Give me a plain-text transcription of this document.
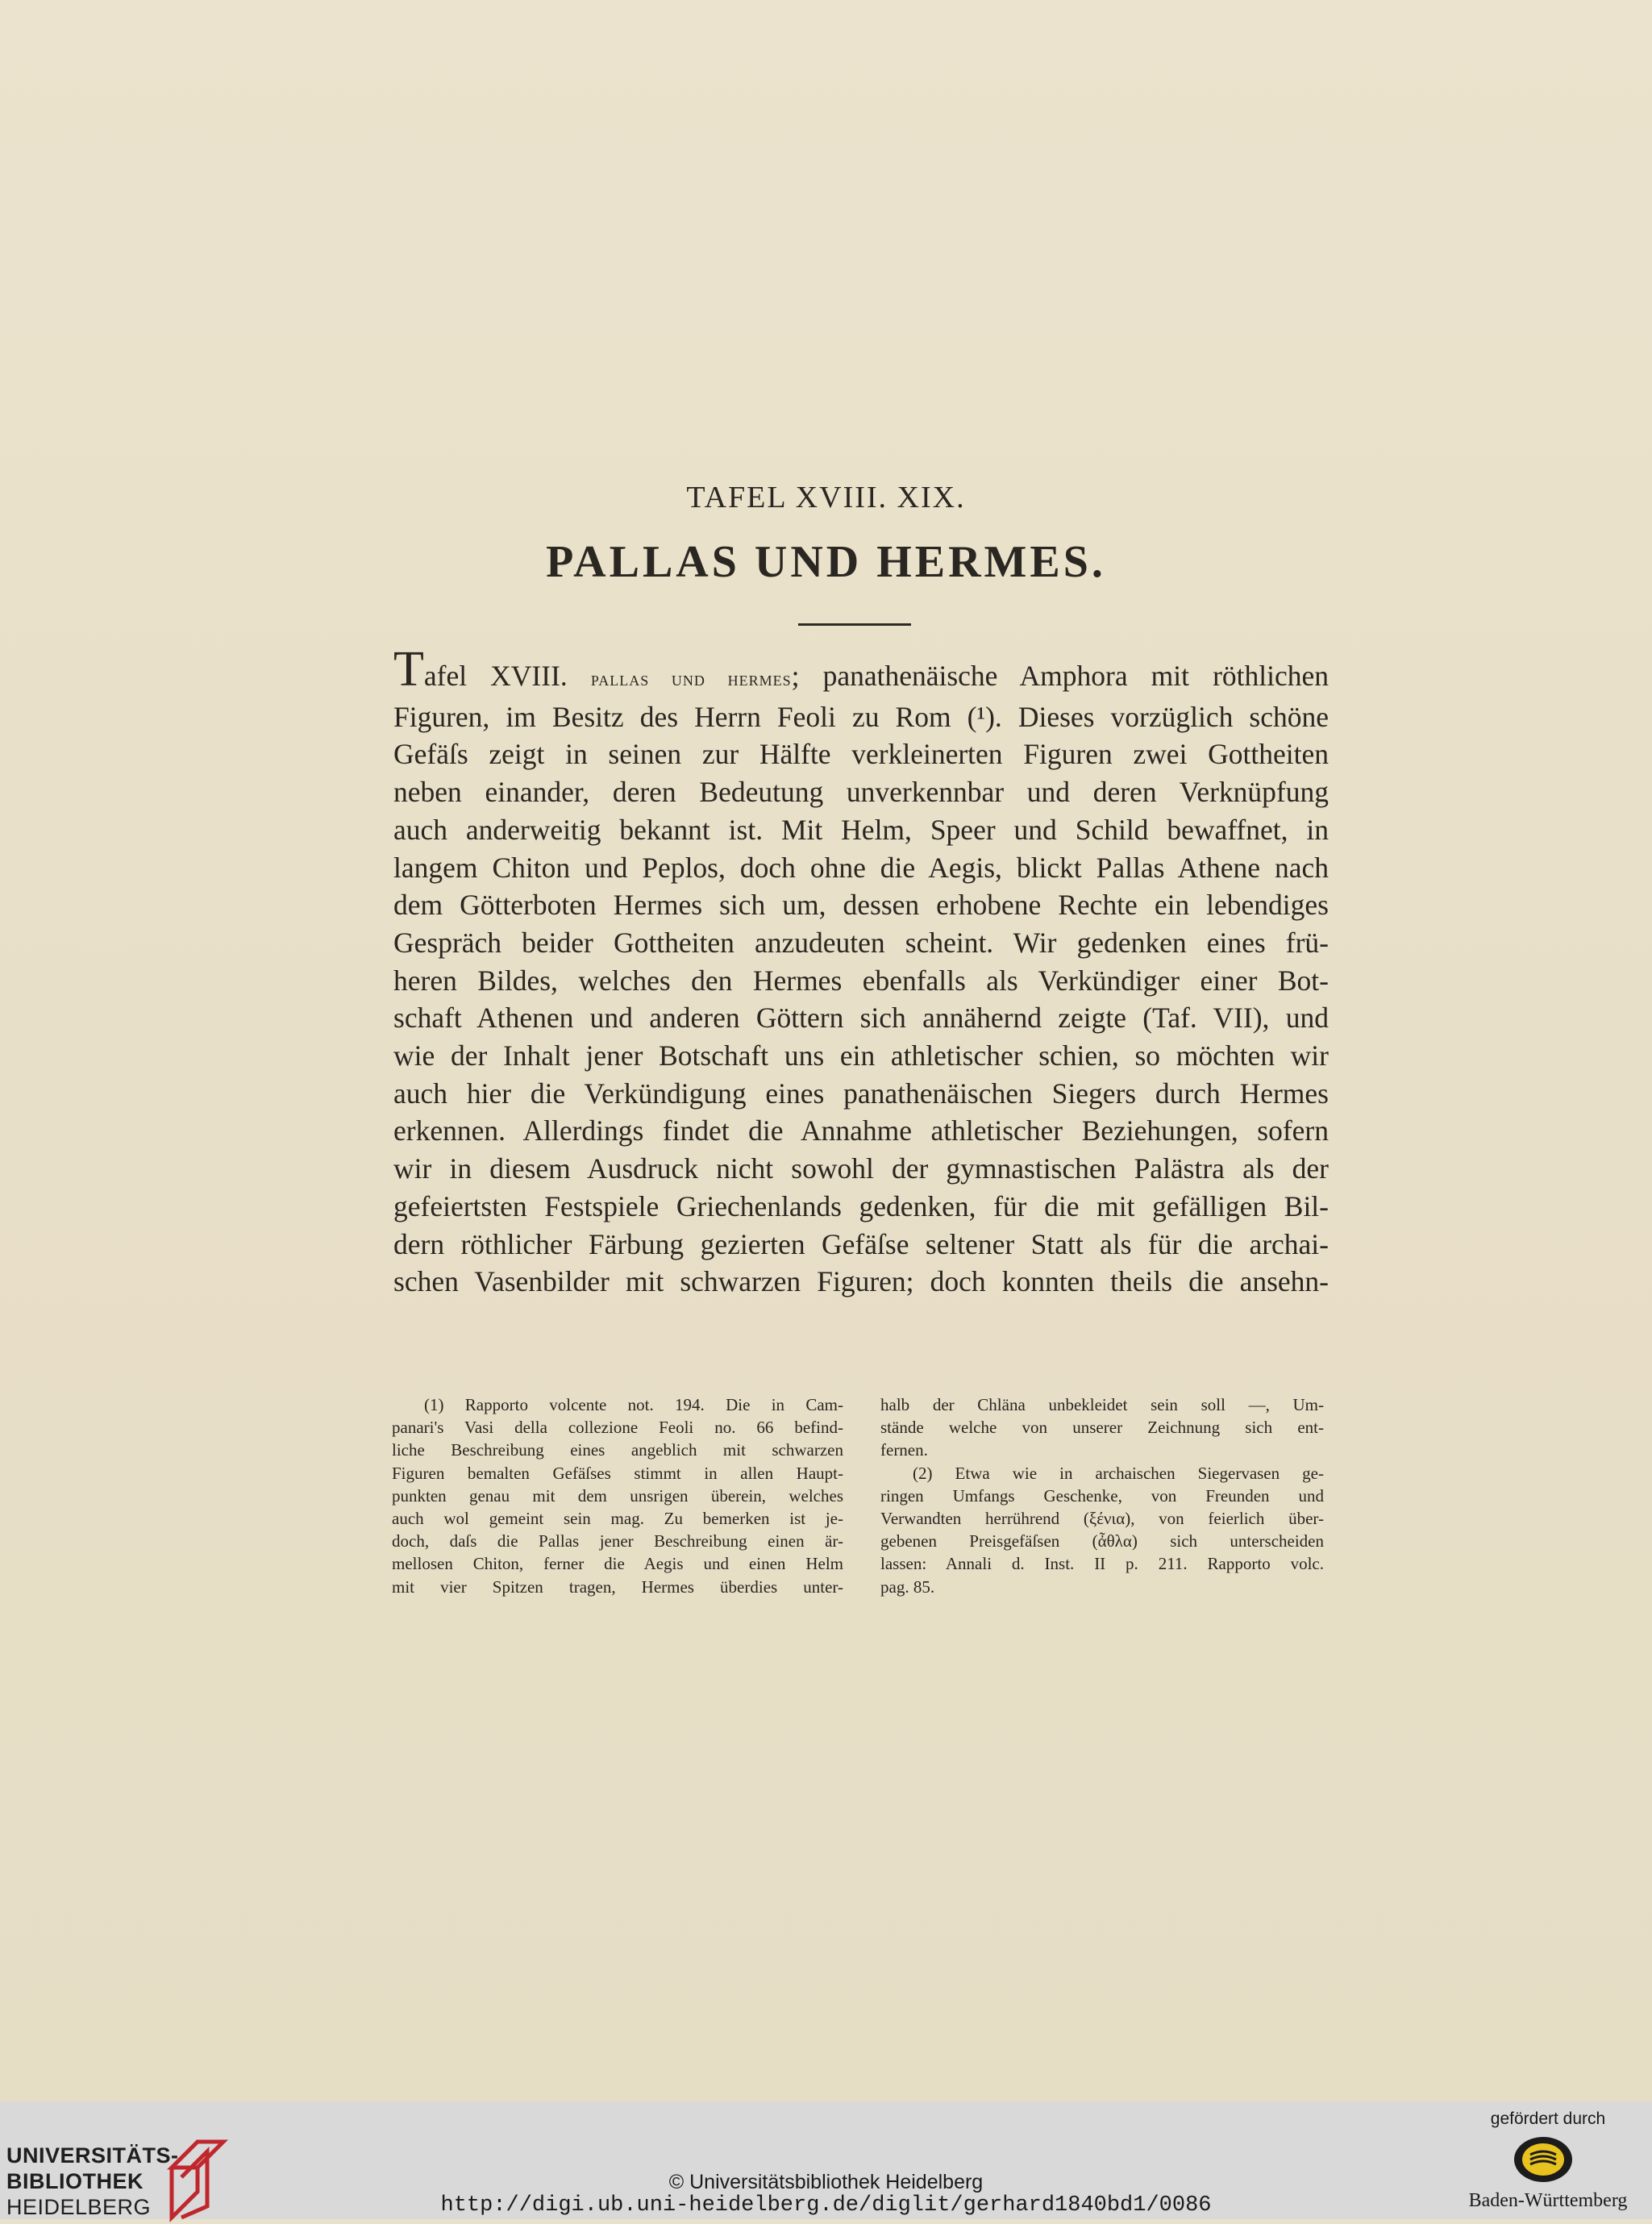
TAFEL XVIII. XIX.
PALLAS UND HERMES.
Tafel XVIII. pallas und hermes; panathenäische Amphora mit röthlichen
Figuren, im Besitz des Herrn Feoli zu Rom (¹). Dieses vorzüglich schöne
Gefäſs zeigt in seinen zur Hälfte verkleinerten Figuren zwei Gottheiten
neben einander, deren Bedeutung unverkennbar und deren Verknüpfung
auch anderweitig bekannt ist. Mit Helm, Speer und Schild bewaffnet, in
langem Chiton und Peplos, doch ohne die Aegis, blickt Pallas Athene nach
dem Götterboten Hermes sich um, dessen erhobene Rechte ein lebendiges
Gespräch beider Gottheiten anzudeuten scheint. Wir gedenken eines frü-
heren Bildes, welches den Hermes ebenfalls als Verkündiger einer Bot-
schaft Athenen und anderen Göttern sich annähernd zeigte (Taf. VII), und
wie der Inhalt jener Botschaft uns ein athletischer schien, so möchten wir
auch hier die Verkündigung eines panathenäischen Siegers durch Hermes
erkennen. Allerdings findet die Annahme athletischer Beziehungen, sofern
wir in diesem Ausdruck nicht sowohl der gymnastischen Palästra als der
gefeiertsten Festspiele Griechenlands gedenken, für die mit gefälligen Bil-
dern röthlicher Färbung gezierten Gefäſse seltener Statt als für die archai-
schen Vasenbilder mit schwarzen Figuren; doch konnten theils die ansehn-
(1) Rapporto volcente not. 194. Die in Cam-
panari's Vasi della collezione Feoli no. 66 befind-
liche Beschreibung eines angeblich mit schwarzen
Figuren bemalten Gefäſses stimmt in allen Haupt-
punkten genau mit dem unsrigen überein, welches
auch wol gemeint sein mag. Zu bemerken ist je-
doch, daſs die Pallas jener Beschreibung einen är-
mellosen Chiton, ferner die Aegis und einen Helm
mit vier Spitzen tragen, Hermes überdies unter-
halb der Chläna unbekleidet sein soll —, Um-
stände welche von unserer Zeichnung sich ent-
fernen.
(2) Etwa wie in archaischen Siegervasen ge-
ringen Umfangs Geschenke, von Freunden und
Verwandten herrührend (ξένια), von feierlich über-
gebenen Preisgefäſsen (ἆθλα) sich unterscheiden
lassen: Annali d. Inst. II p. 211. Rapporto volc.
pag. 85.
UNIVERSITÄTS-
BIBLIOTHEK
HEIDELBERG
© Universitätsbibliothek Heidelberg
http://digi.ub.uni-heidelberg.de/diglit/gerhard1840bd1/0086
gefördert durch
Baden-Württemberg
